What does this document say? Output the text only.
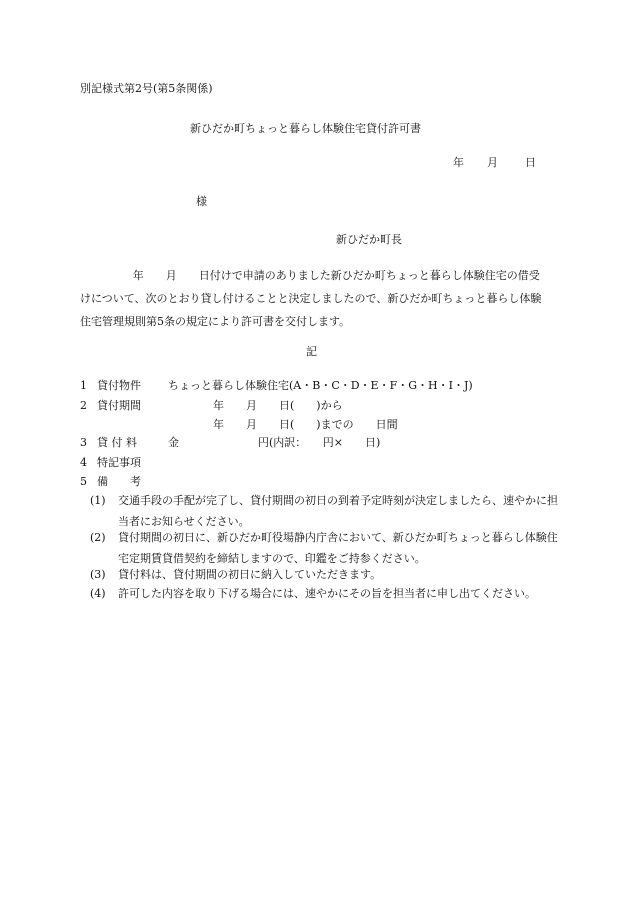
別記様式第2号(第5条関係)
新ひだか町ちょっと暮らし体験住宅貸付許可書
年 月 日
様
新ひだか町長
年　　月　　日付けで申請のありました新ひだか町ちょっと暮らし体験住宅の借受けについて、次のとおり貸し付けることと決定しましたので、新ひだか町ちょっと暮らし体験住宅管理規則第5条の規定により許可書を交付します。
記
1 貸付物件 ちょっと暮らし体験住宅(A・B・C・D・E・F・G・H・I・J)
2 貸付期間	年　　月　　日(　　)から
年　　月　　日(　　)までの　　日間
3 貸 付 料	金	円(内訳：　　円×　　日)
4 特記事項
5 備　　考
(1)	交通手段の手配が完了し、貸付期間の初日の到着予定時刻が決定しましたら、速やかに担当者にお知らせください。
(2)	貸付期間の初日に、新ひだか町役場静内庁舎において、新ひだか町ちょっと暮らし体験住宅定期賃貸借契約を締結しますので、印鑑をご持参ください。
(3)	貸付料は、貸付期間の初日に納入していただきます。
(4)	許可した内容を取り下げる場合には、速やかにその旨を担当者に申し出てください。
